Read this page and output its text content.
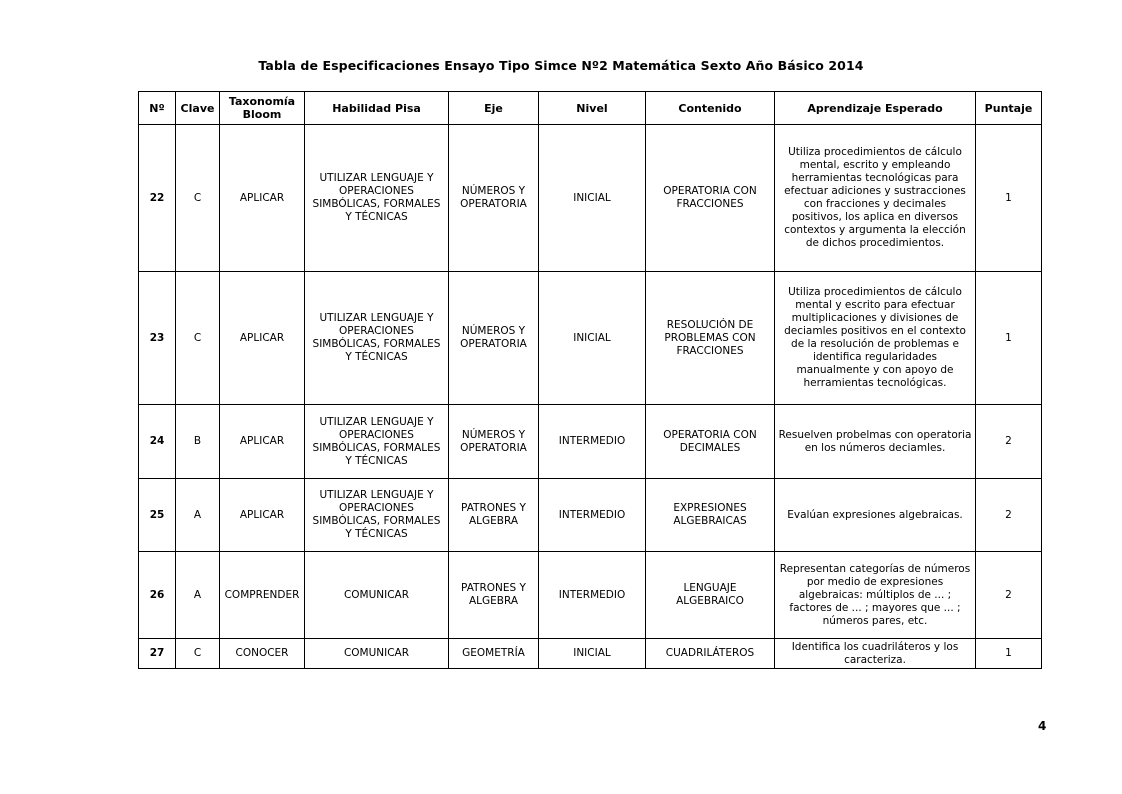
Tabla de Especificaciones Ensayo Tipo Simce Nº2 Matemática Sexto Año Básico 2014
Nº	Clave	Taxonomía Bloom	Habilidad Pisa	Eje	Nivel	Contenido	Aprendizaje Esperado	Puntaje
22	C	APLICAR	UTILIZAR LENGUAJE Y OPERACIONES SIMBÓLICAS, FORMALES Y TÉCNICAS	NÚMEROS Y OPERATORIA	INICIAL	OPERATORIA CON FRACCIONES	Utiliza procedimientos de cálculo mental, escrito y empleando herramientas tecnológicas para efectuar adiciones y sustracciones con fracciones y decimales positivos, los aplica en diversos contextos y argumenta la elección de dichos procedimientos.	1
23	C	APLICAR	UTILIZAR LENGUAJE Y OPERACIONES SIMBÓLICAS, FORMALES Y TÉCNICAS	NÚMEROS Y OPERATORIA	INICIAL	RESOLUCIÓN DE PROBLEMAS CON FRACCIONES	Utiliza procedimientos de cálculo mental y escrito para efectuar multiplicaciones y divisiones de deciamles positivos en el contexto de la resolución de problemas e identifica regularidades manualmente y con apoyo de herramientas tecnológicas.	1
24	B	APLICAR	UTILIZAR LENGUAJE Y OPERACIONES SIMBÓLICAS, FORMALES Y TÉCNICAS	NÚMEROS Y OPERATORIA	INTERMEDIO	OPERATORIA CON DECIMALES	Resuelven probelmas con operatoria en los números deciamles.	2
25	A	APLICAR	UTILIZAR LENGUAJE Y OPERACIONES SIMBÓLICAS, FORMALES Y TÉCNICAS	PATRONES Y ALGEBRA	INTERMEDIO	EXPRESIONES ALGEBRAICAS	Evalúan expresiones algebraicas.	2
26	A	COMPRENDER	COMUNICAR	PATRONES Y ALGEBRA	INTERMEDIO	LENGUAJE ALGEBRAICO	Representan categorías de números por medio de expresiones algebraicas: múltiplos de ... ; factores de ... ; mayores que ... ; números pares, etc.	2
27	C	CONOCER	COMUNICAR	GEOMETRÍA	INICIAL	CUADRILÁTEROS	Identifica los cuadriláteros y los caracteriza.	1
4
